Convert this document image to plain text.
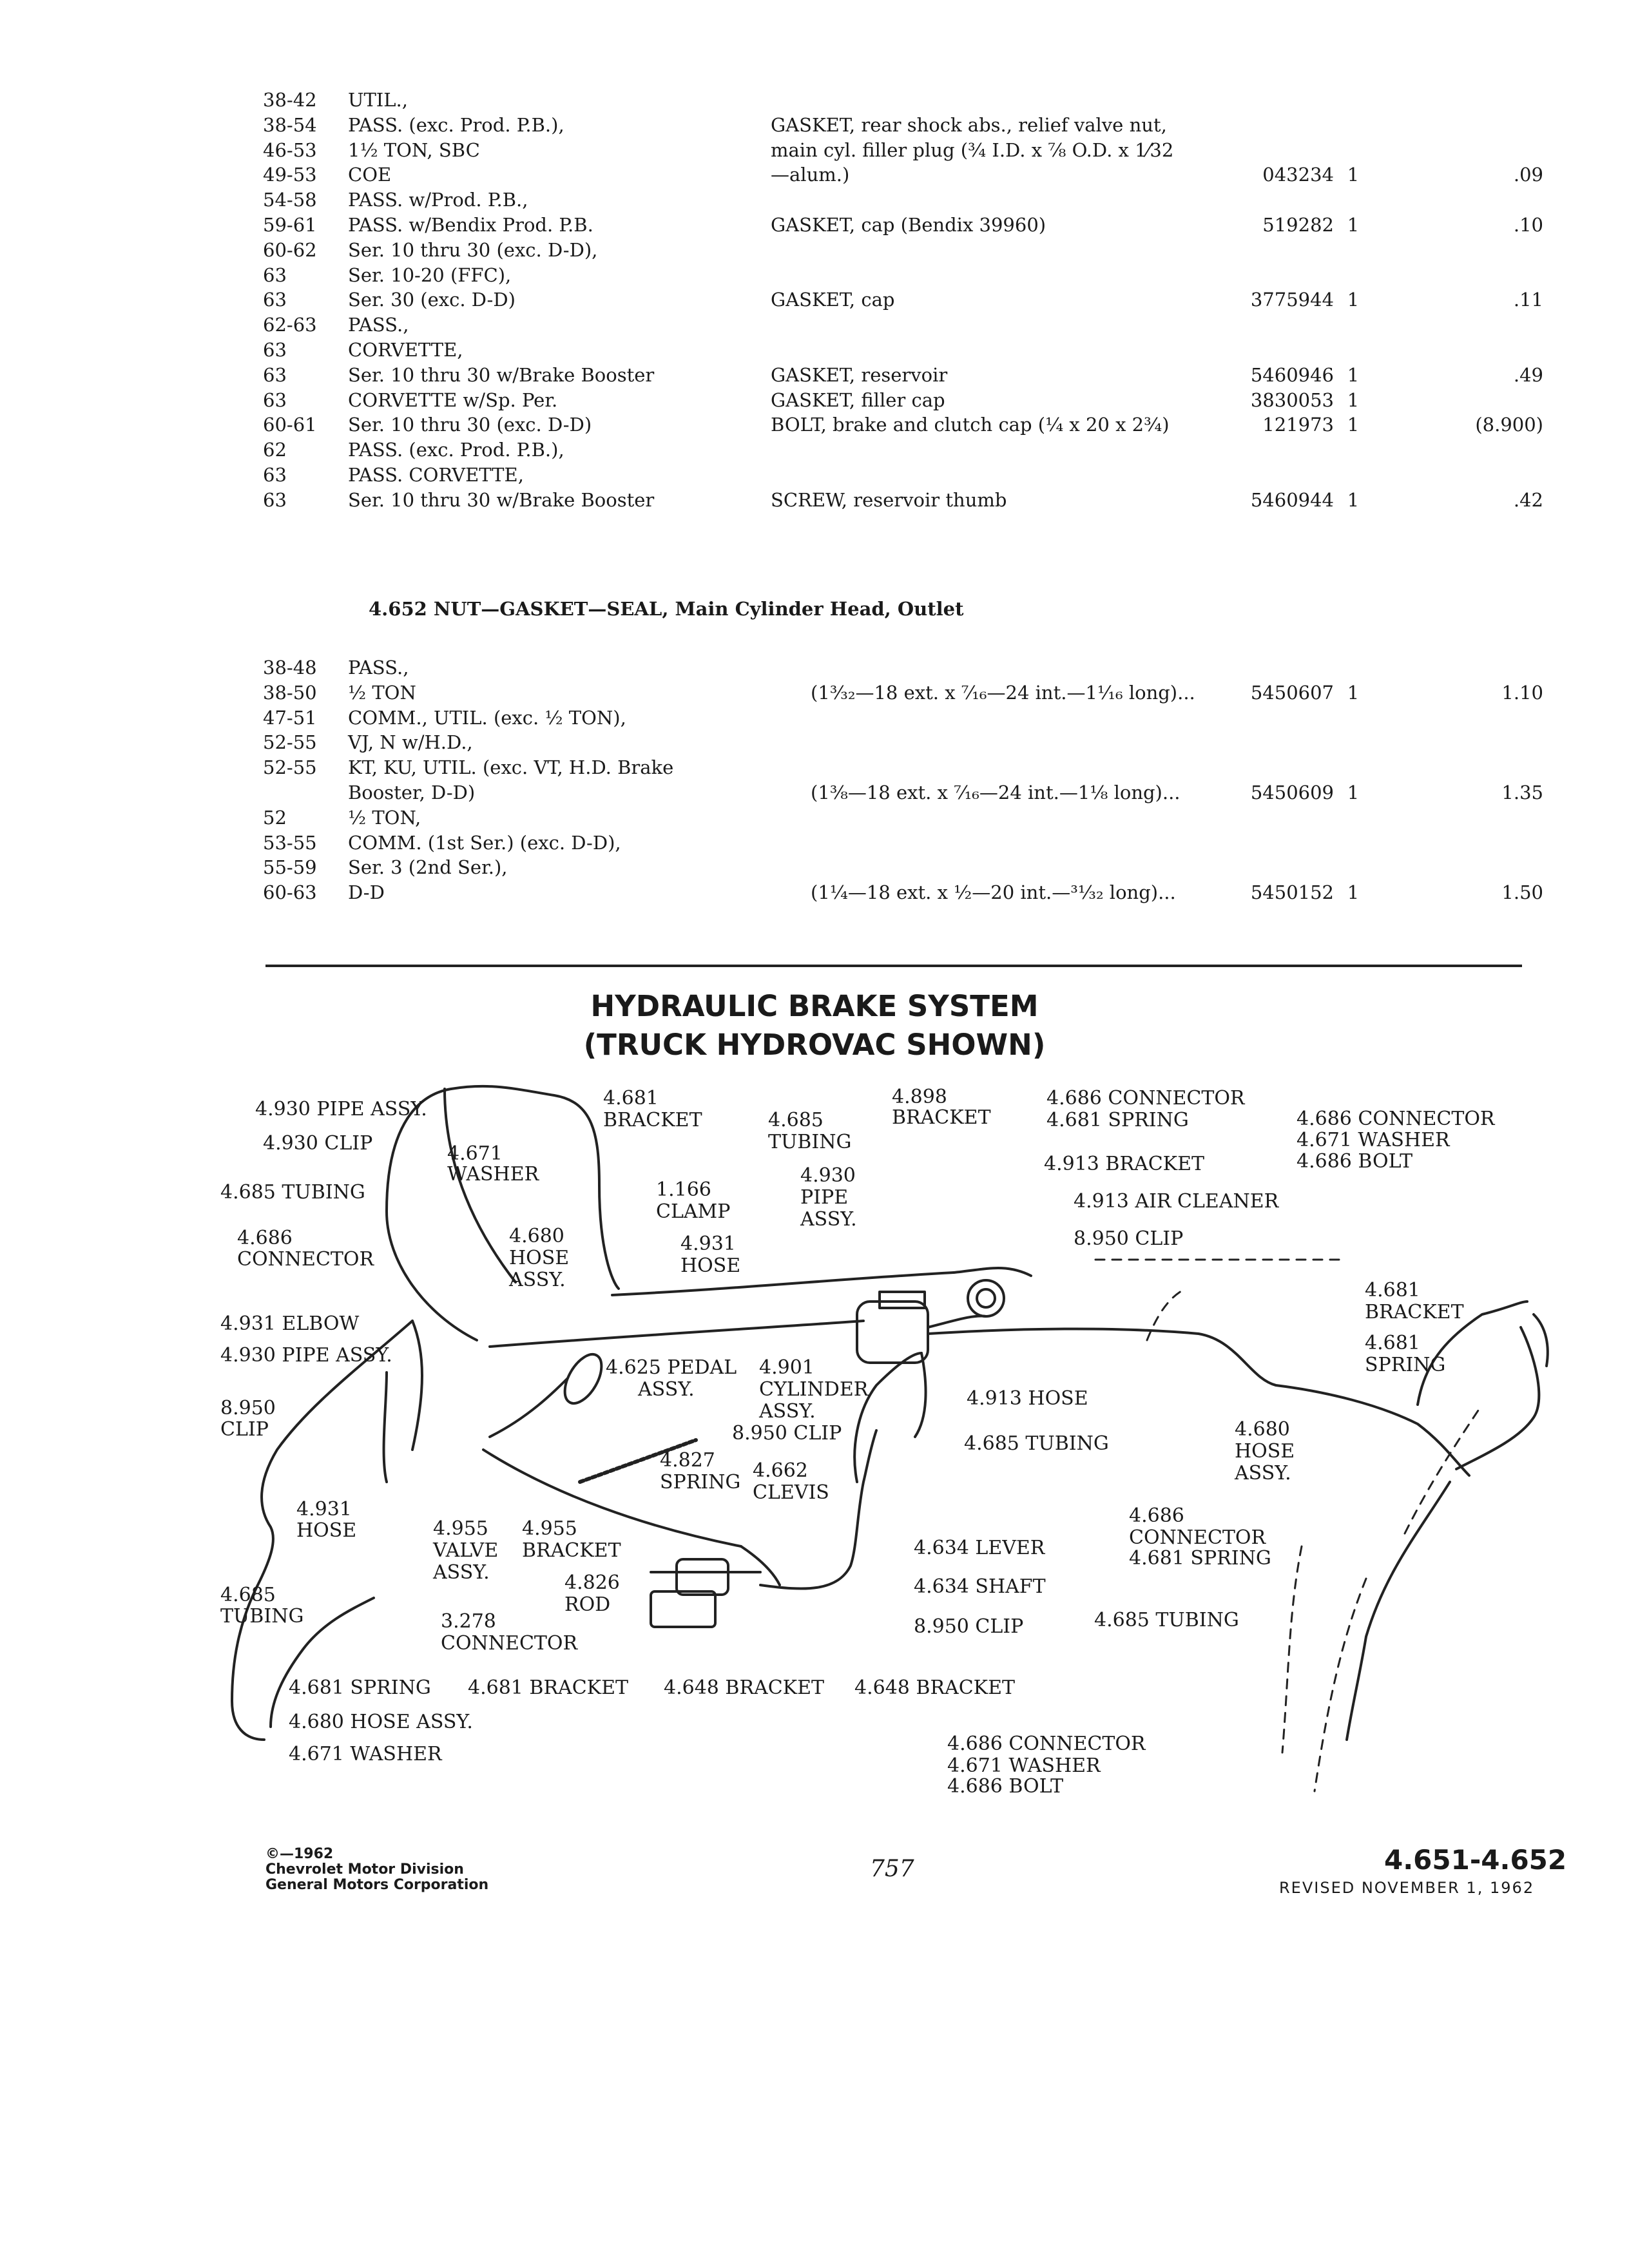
38-42 UTIL.,
38-54 PASS. (exc. Prod. P.B.),	GASKET, rear shock abs., relief valve nut,
46-53 1½ TON, SBC	main cyl. filler plug (¾ I.D. x ⅞ O.D. x 1⁄32
49-53 COE	—alum.)	043234 1	.09
54-58 PASS. w/Prod. P.B.,
59-61 PASS. w/Bendix Prod. P.B.	GASKET, cap (Bendix 39960)	519282 1	.10
60-62 Ser. 10 thru 30 (exc. D-D),
63	Ser. 10-20 (FFC),
63	Ser. 30 (exc. D-D)	GASKET, cap	3775944 1	.11
62-63 PASS.,
63	CORVETTE,
63	Ser. 10 thru 30 w/Brake Booster	GASKET, reservoir	5460946 1	.49
63	CORVETTE w/Sp. Per.	GASKET, filler cap	3830053 1
60-61 Ser. 10 thru 30 (exc. D-D)	BOLT, brake and clutch cap (¼ x 20 x 2¾)	121973 1	(8.900)
62	PASS. (exc. Prod. P.B.),
63	PASS. CORVETTE,
63	Ser. 10 thru 30 w/Brake Booster	SCREW, reservoir thumb	5460944 1	.42
4.652 NUT—GASKET—SEAL, Main Cylinder Head, Outlet
38-48 PASS.,
38-50 ½ TON	(1³⁄₃₂—18 ext. x ⁷⁄₁₆—24 int.—1¹⁄₁₆ long)...	5450607 1	1.10
47-51 COMM., UTIL. (exc. ½ TON),
52-55 VJ, N w/H.D.,
52-55 KT, KU, UTIL. (exc. VT, H.D. Brake
Booster, D-D)	(1³⁄₈—18 ext. x ⁷⁄₁₆—24 int.—1¹⁄₈ long)...	5450609 1	1.35
52	½ TON,
53-55 COMM. (1st Ser.) (exc. D-D),
55-59 Ser. 3 (2nd Ser.),
60-63 D-D	(1¼—18 ext. x ½—20 int.—³¹⁄₃₂ long)...	5450152 1	1.50
HYDRAULIC BRAKE SYSTEM
(TRUCK HYDROVAC SHOWN)
4.930 PIPE ASSY.
4.930 CLIP
4.685 TUBING
4.686
CONNECTOR
4.931 ELBOW
4.930 PIPE ASSY.
8.950
CLIP
4.931
HOSE
4.685
TUBING
4.681 SPRING
4.680 HOSE ASSY.
4.671 WASHER
4.671
WASHER
4.681
BRACKET
4.680
HOSE
ASSY.
1.166
CLAMP
4.931
HOSE
4.685
TUBING
4.930
PIPE
ASSY.
4.898
BRACKET
4.686 CONNECTOR
4.681 SPRING
4.913 BRACKET
4.913 AIR CLEANER
8.950 CLIP
4.686 CONNECTOR
4.671 WASHER
4.686 BOLT
4.681
BRACKET
4.681
SPRING
4.625 PEDAL
ASSY.
4.901
CYLINDER
ASSY.
4.913 HOSE
8.950 CLIP	4.685 TUBING
4.827
SPRING
4.662
CLEVIS
4.955
VALVE
ASSY.
4.955
BRACKET
3.278
CONNECTOR
4.826
ROD
4.634 LEVER
4.634 SHAFT
8.950 CLIP
4.681 BRACKET 4.648 BRACKET 4.648 BRACKET
4.680
HOSE
ASSY.
4.686
CONNECTOR
4.681 SPRING
4.685 TUBING
4.686 CONNECTOR
4.671 WASHER
4.686 BOLT
©—1962
Chevrolet Motor Division
General Motors Corporation
757	4.651-4.652
REVISED NOVEMBER 1, 1962
